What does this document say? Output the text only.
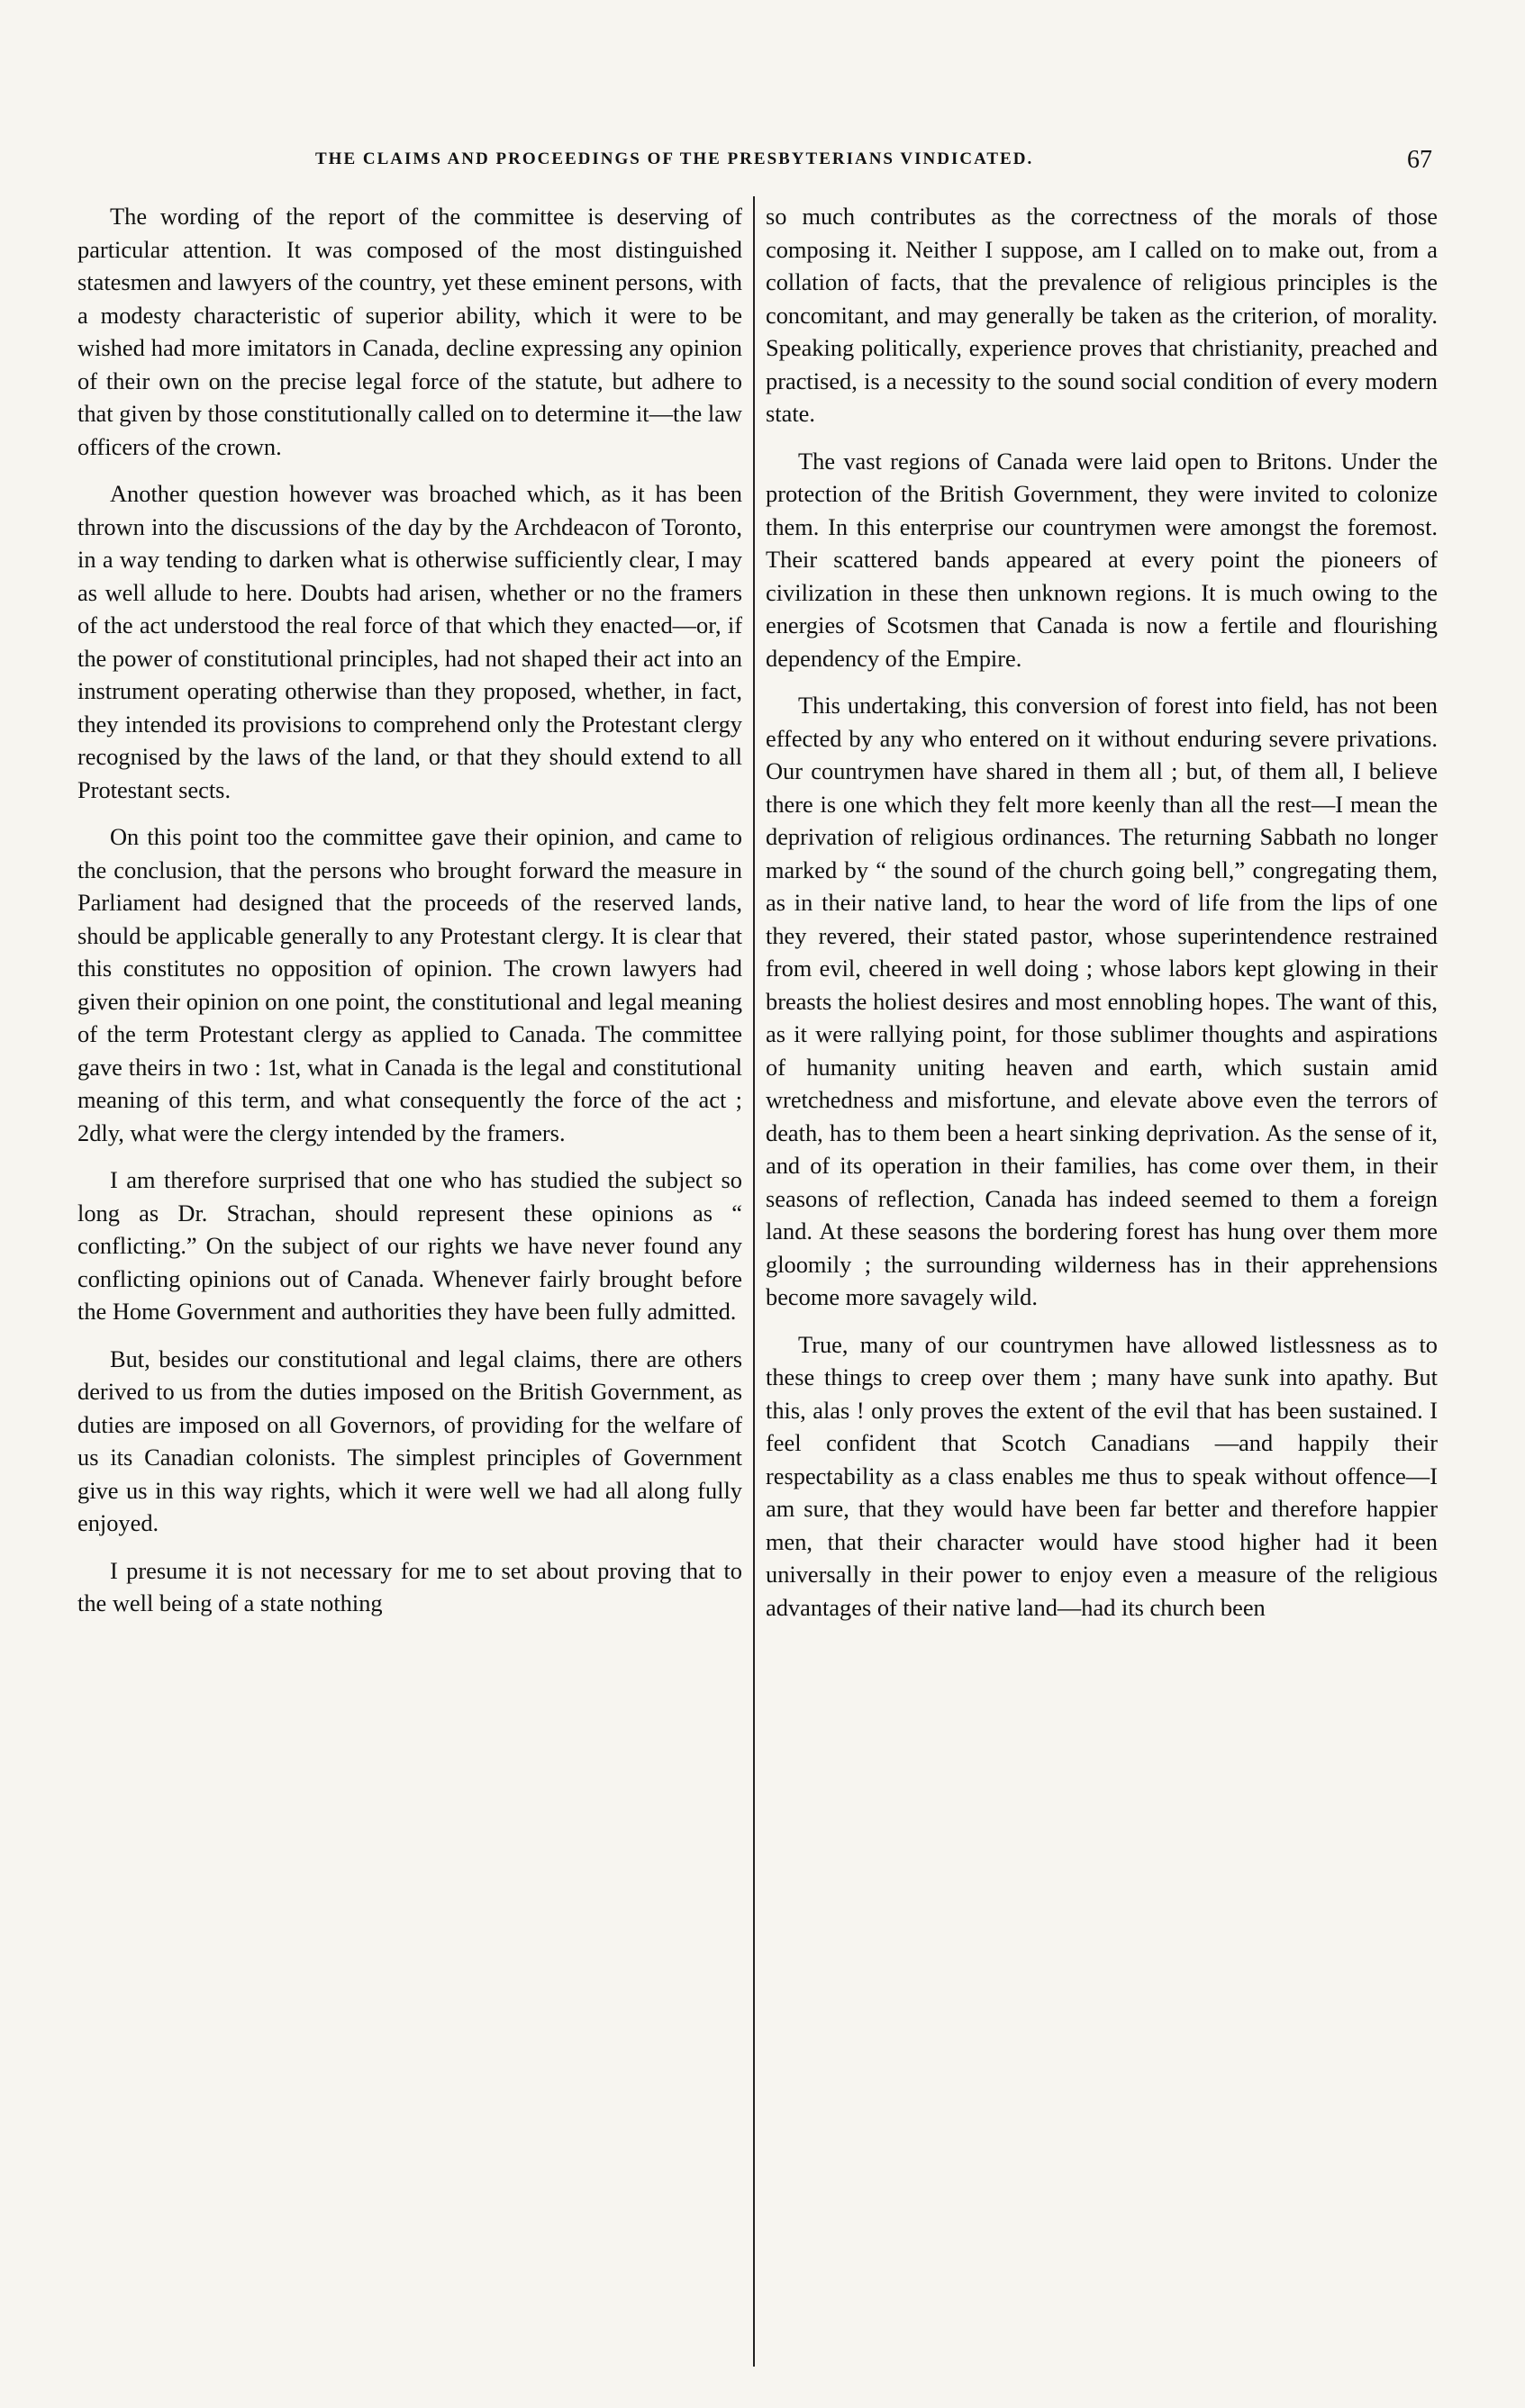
THE CLAIMS AND PROCEEDINGS OF THE PRESBYTERIANS VINDICATED.	67

The wording of the report of the committee is deserving of particular attention. It was composed of the most distinguished statesmen and lawyers of the country, yet these eminent persons, with a modesty characteristic of superior ability, which it were to be wished had more imitators in Canada, decline expressing any opinion of their own on the precise legal force of the statute, but adhere to that given by those constitutionally called on to determine it—the law officers of the crown.

Another question however was broached which, as it has been thrown into the discussions of the day by the Archdeacon of Toronto, in a way tending to darken what is otherwise sufficiently clear, I may as well allude to here. Doubts had arisen, whether or no the framers of the act understood the real force of that which they enacted—or, if the power of constitutional principles, had not shaped their act into an instrument operating otherwise than they proposed, whether, in fact, they intended its provisions to comprehend only the Protestant clergy recognised by the laws of the land, or that they should extend to all Protestant sects.

On this point too the committee gave their opinion, and came to the conclusion, that the persons who brought forward the measure in Parliament had designed that the proceeds of the reserved lands, should be applicable generally to any Protestant clergy. It is clear that this constitutes no opposition of opinion. The crown lawyers had given their opinion on one point, the constitutional and legal meaning of the term Protestant clergy as applied to Canada. The committee gave theirs in two : 1st, what in Canada is the legal and constitutional meaning of this term, and what consequently the force of the act ; 2dly, what were the clergy intended by the framers.

I am therefore surprised that one who has studied the subject so long as Dr. Strachan, should represent these opinions as “ conflicting.” On the subject of our rights we have never found any conflicting opinions out of Canada. Whenever fairly brought before the Home Government and authorities they have been fully admitted.

But, besides our constitutional and legal claims, there are others derived to us from the duties imposed on the British Government, as duties are imposed on all Governors, of providing for the welfare of us its Canadian colonists. The simplest principles of Government give us in this way rights, which it were well we had all along fully enjoyed.

I presume it is not necessary for me to set about proving that to the well being of a state nothing

so much contributes as the correctness of the morals of those composing it. Neither I suppose, am I called on to make out, from a collation of facts, that the prevalence of religious principles is the concomitant, and may generally be taken as the criterion, of morality. Speaking politically, experience proves that christianity, preached and practised, is a necessity to the sound social condition of every modern state.

The vast regions of Canada were laid open to Britons. Under the protection of the British Government, they were invited to colonize them. In this enterprise our countrymen were amongst the foremost. Their scattered bands appeared at every point the pioneers of civilization in these then unknown regions. It is much owing to the energies of Scotsmen that Canada is now a fertile and flourishing dependency of the Empire.

This undertaking, this conversion of forest into field, has not been effected by any who entered on it without enduring severe privations. Our countrymen have shared in them all ; but, of them all, I believe there is one which they felt more keenly than all the rest—I mean the deprivation of religious ordinances. The returning Sabbath no longer marked by “ the sound of the church going bell,” congregating them, as in their native land, to hear the word of life from the lips of one they revered, their stated pastor, whose superintendence restrained from evil, cheered in well doing ; whose labors kept glowing in their breasts the holiest desires and most ennobling hopes. The want of this, as it were rallying point, for those sublimer thoughts and aspirations of humanity uniting heaven and earth, which sustain amid wretchedness and misfortune, and elevate above even the terrors of death, has to them been a heart sinking deprivation. As the sense of it, and of its operation in their families, has come over them, in their seasons of reflection, Canada has indeed seemed to them a foreign land. At these seasons the bordering forest has hung over them more gloomily ; the surrounding wilderness has in their apprehensions become more savagely wild.

True, many of our countrymen have allowed listlessness as to these things to creep over them ; many have sunk into apathy. But this, alas ! only proves the extent of the evil that has been sustained. I feel confident that Scotch Canadians —and happily their respectability as a class enables me thus to speak without offence—I am sure, that they would have been far better and therefore happier men, that their character would have stood higher had it been universally in their power to enjoy even a measure of the religious advantages of their native land—had its church been
